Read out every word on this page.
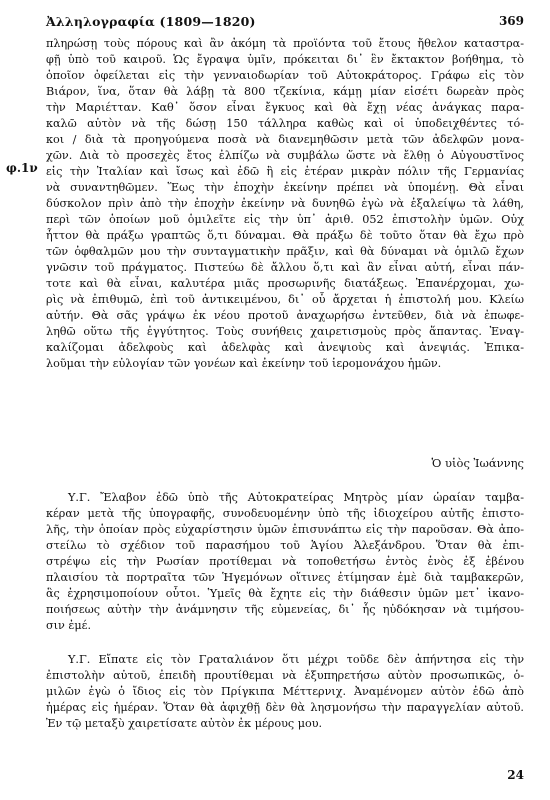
Ἀλληλογραφία (1809—1820)	369
φ.1ν
πληρώσῃ τοὺς πόρους καὶ ἂν ἀκόμη τὰ προϊόντα τοῦ ἔτους ἤθελον καταστρα-
φῇ ὑπὸ τοῦ καιροῦ. Ὡς ἔγραψα ὑμῖν, πρόκειται δι᾽ ἓν ἔκτακτον βοήθημα, τὸ
ὁποῖον ὀφείλεται εἰς τὴν γενναιοδωρίαν τοῦ Αὐτοκράτορος. Γράφω εἰς τὸν
Βιάρον, ἵνα, ὅταν θὰ λάβῃ τὰ 800 τζεκίνια, κάμῃ μίαν εἰσέτι δωρεὰν πρὸς
τὴν Μαριέτταν. Καθ᾽ ὅσον εἶναι ἔγκυος καὶ θὰ ἔχῃ νέας ἀνάγκας παρα-
καλῶ αὐτὸν νὰ τῆς δώσῃ 150 τάλληρα καθὼς καὶ οἱ ὑποδειχθέντες τό-
κοι / διὰ τὰ προηγούμενα ποσὰ νὰ διανεμηθῶσιν μετὰ τῶν ἀδελφῶν μονα-
χῶν. Διὰ τὸ προσεχὲς ἔτος ἐλπίζω νὰ συμβάλω ὥστε νὰ ἔλθῃ ὁ Αὐγουστῖνος
εἰς τὴν Ἰταλίαν καὶ ἴσως καὶ ἐδῶ ἢ εἰς ἑτέραν μικρὰν πόλιν τῆς Γερμανίας
νὰ συναντηθῶμεν. Ἕως τὴν ἐποχὴν ἐκείνην πρέπει νὰ ὑπομένῃ. Θὰ εἶναι
δύσκολον πρὶν ἀπὸ τὴν ἐποχὴν ἐκείνην νὰ δυνηθῶ ἐγὼ νὰ ἐξαλείψω τὰ λάθη,
περὶ τῶν ὁποίων μοῦ ὁμιλεῖτε εἰς τὴν ὑπ᾽ ἀριθ. 052 ἐπιστολὴν ὑμῶν. Οὐχ
ἧττον θὰ πράξω γραπτῶς ὅ,τι δύναμαι. Θὰ πράξω δὲ τοῦτο ὅταν θὰ ἔχω πρὸ
τῶν ὀφθαλμῶν μου τὴν συνταγματικὴν πρᾶξιν, καὶ θὰ δύναμαι νὰ ὁμιλῶ ἔχων
γνῶσιν τοῦ πράγματος. Πιστεύω δὲ ἄλλου ὅ,τι καὶ ἂν εἶναι αὐτή, εἶναι πάν-
τοτε καὶ θὰ εἶναι, καλυτέρα μιᾶς προσωρινῆς διατάξεως. Ἐπανέρχομαι, χω-
ρὶς νὰ ἐπιθυμῶ, ἐπὶ τοῦ ἀντικειμένου, δι᾽ οὗ ἄρχεται ἡ ἐπιστολή μου. Κλείω
αὐτήν. Θὰ σᾶς γράψω ἐκ νέου προτοῦ ἀναχωρήσω ἐντεῦθεν, διὰ νὰ ἐπωφε-
ληθῶ οὕτω τῆς ἐγγύτητος. Τοὺς συνήθεις χαιρετισμοὺς πρὸς ἅπαντας. Ἐναγ-
καλίζομαι ἀδελφοὺς καὶ ἀδελφὰς καὶ ἀνεψιοὺς καὶ ἀνεψιάς. Ἐπικα-
λοῦμαι τὴν εὐλογίαν τῶν γονέων καὶ ἐκείνην τοῦ ἱερομονάχου ἡμῶν.
Ὁ υἱὸς Ἰωάννης
Υ.Γ. Ἔλαβον ἐδῶ ὑπὸ τῆς Αὐτοκρατείρας Μητρὸς μίαν ὡραίαν ταμβα-
κέραν μετὰ τῆς ὑπογραφῆς, συνοδευομένην ὑπὸ τῆς ἰδιοχείρου αὐτῆς ἐπιστο-
λῆς, τὴν ὁποίαν πρὸς εὐχαρίστησιν ὑμῶν ἐπισυνάπτω εἰς τὴν παροῦσαν. Θὰ ἀπο-
στείλω τὸ σχέδιον τοῦ παρασήμου τοῦ Ἁγίου Ἀλεξάνδρου. Ὅταν θὰ ἐπι-
στρέψω εἰς τὴν Ρωσίαν προτίθεμαι νὰ τοποθετήσω ἐντὸς ἑνὸς ἐξ ἐβένου
πλαισίου τὰ πορτραῖτα τῶν Ἡγεμόνων οἵτινες ἐτίμησαν ἐμὲ διὰ ταμβακερῶν,
ἃς ἐχρησιμοποίουν οὗτοι. Ὑμεῖς θὰ ἔχητε εἰς τὴν διάθεσιν ὑμῶν μετ᾽ ἱκανο-
ποιήσεως αὐτὴν τὴν ἀνάμνησιν τῆς εὐμενείας, δι᾽ ἧς ηὐδόκησαν νὰ τιμήσου-
σιν ἐμέ.
Υ.Γ. Εἴπατε εἰς τὸν Γραταλιάνον ὅτι μέχρι τοῦδε δὲν ἀπήντησα εἰς τὴν
ἐπιστολὴν αὐτοῦ, ἐπειδὴ προυτίθεμαι νὰ ἐξυπηρετήσω αὐτὸν προσωπικῶς, ὁ-
μιλῶν ἐγὼ ὁ ἴδιος εἰς τὸν Πρίγκιπα Μέττερνιχ. Ἀναμένομεν αὐτὸν ἐδῶ ἀπὸ
ἡμέρας εἰς ἡμέραν. Ὅταν θὰ ἀφιχθῇ δὲν θὰ λησμονήσω τὴν παραγγελίαν αὐτοῦ.
Ἐν τῷ μεταξὺ χαιρετίσατε αὐτὸν ἐκ μέρους μου.
24
